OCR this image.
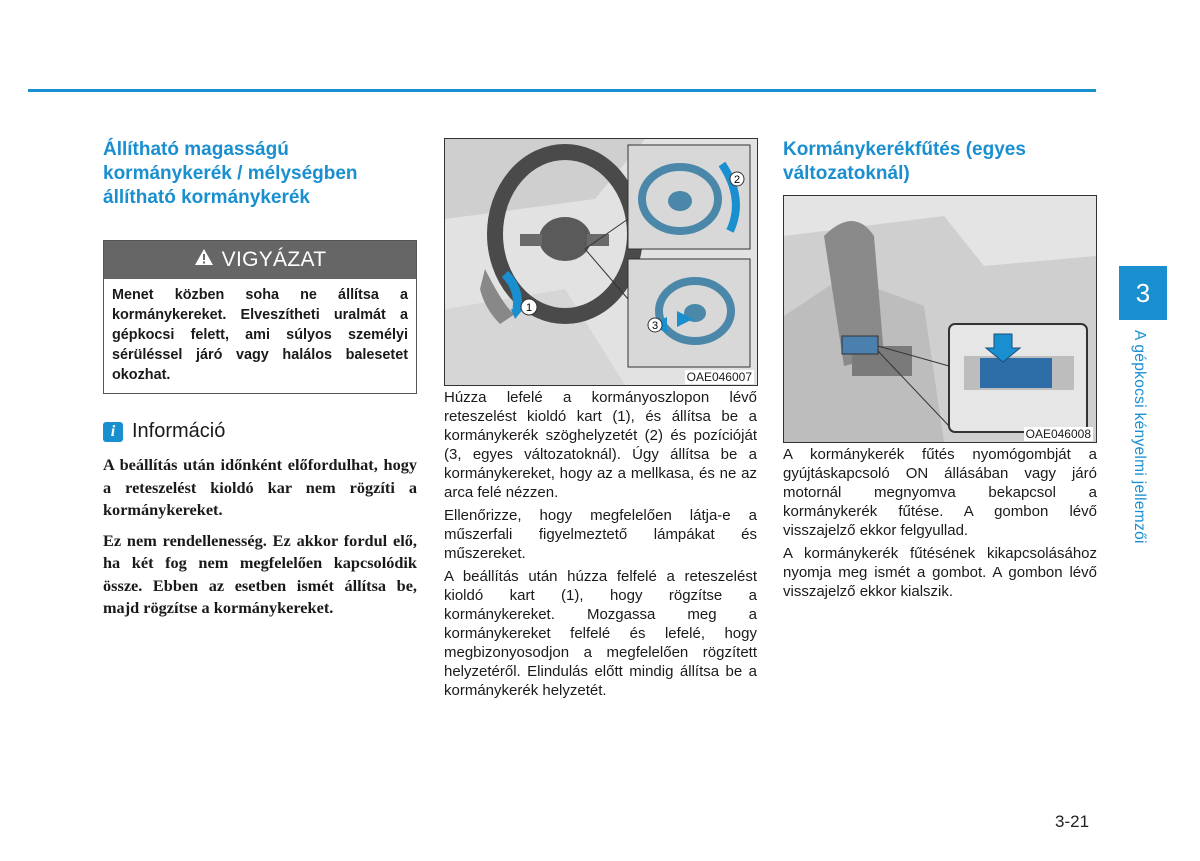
Állítható magasságú
kormánykerék / mélységben
állítható kormánykerék
VIGYÁZAT
Menet közben soha ne állítsa a kormánykereket. Elveszítheti uralmát a gépkocsi felett, ami súlyos személyi sérüléssel járó vagy halálos balesetet okozhat.
i Információ

A beállítás után időnként előfordulhat, hogy a reteszelést kioldó kar nem rögzíti a kormánykereket.

Ez nem rendellenesség. Ez akkor fordul elő, ha két fog nem megfelelően kapcsolódik össze. Ebben az esetben ismét állítsa be, majd rögzítse a kormánykereket.

1
2
3
OAE046007

Húzza lefelé a kormányoszlopon lévő reteszelést kioldó kart (1), és állítsa be a kormánykerék szöghelyzetét (2) és pozícióját (3, egyes változatoknál). Úgy állítsa be a kormánykereket, hogy az a mellkasa, és ne az arca felé nézzen.

Ellenőrizze, hogy megfelelően látja-e a műszerfali figyelmeztető lámpákat és műszereket.

A beállítás után húzza felfelé a reteszelést kioldó kart (1), hogy rögzítse a kormánykereket. Mozgassa meg a kormánykereket felfelé és lefelé, hogy megbizonyosodjon a megfelelően rögzített helyzetéről. Elindulás előtt mindig állítsa be a kormánykerék helyzetét.

Kormánykerékfűtés (egyes
változatoknál)
OAE046008

A kormánykerék fűtés nyomógombját a gyújtáskapcsoló ON állásában vagy járó motornál megnyomva bekapcsol a kormánykerék fűtése. A gombon lévő visszajelző ekkor felgyullad.

A kormánykerék fűtésének kikapcsolásához nyomja meg ismét a gombot. A gombon lévő visszajelző ekkor kialszik.

3
A gépkocsi kényelmi jellemzői
3-21
